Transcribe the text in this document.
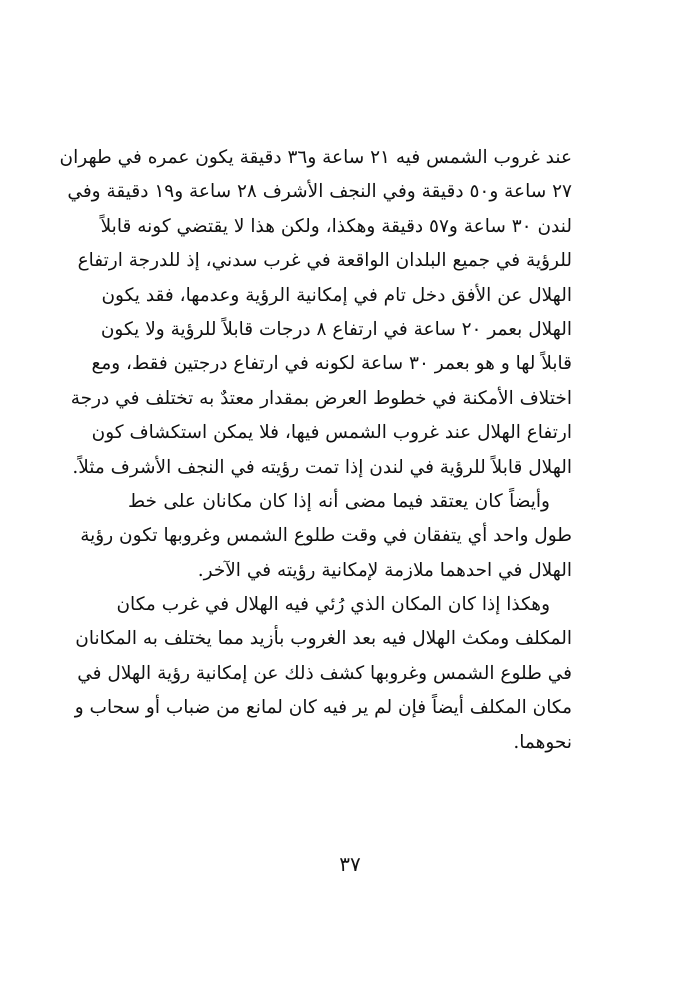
عند غروب الشمس فيه ٢١ ساعة و٣٦ دقيقة يكون عمره في طهران
٢٧ ساعة و٥٠ دقيقة وفي النجف الأشرف ٢٨ ساعة و١٩ دقيقة وفي
لندن ٣٠ ساعة و٥٧ دقيقة وهكذا، ولكن هذا لا يقتضي كونه قابلاً
للرؤية في جميع البلدان الواقعة في غرب سدني، إذ للدرجة ارتفاع
الهلال عن الأفق دخل تام في إمكانية الرؤية وعدمها، فقد يكون
الهلال بعمر ٢٠ ساعة في ارتفاع ٨ درجات قابلاً للرؤية ولا يكون
قابلاً لها و هو بعمر ٣٠ ساعة لكونه في ارتفاع درجتين فقط، ومع
اختلاف الأمكنة في خطوط العرض بمقدار معتدٌ به تختلف في درجة
ارتفاع الهلال عند غروب الشمس فيها، فلا يمكن استكشاف كون
الهلال قابلاً للرؤية في لندن إذا تمت رؤيته في النجف الأشرف مثلاً.
وأيضاً كان يعتقد فيما مضى أنه إذا كان مكانان على خط
طول واحد أي يتفقان في وقت طلوع الشمس وغروبها تكون رؤية
الهلال في احدهما ملازمة لإمكانية رؤيته في الآخر.
وهكذا إذا كان المكان الذي رُئي فيه الهلال في غرب مكان
المكلف ومكث الهلال فيه بعد الغروب بأزيد مما يختلف به المكانان
في طلوع الشمس وغروبها كشف ذلك عن إمكانية رؤية الهلال في
مكان المكلف أيضاً فإن لم ير فيه كان لمانع من ضباب أو سحاب و
نحوهما.
٣٧
